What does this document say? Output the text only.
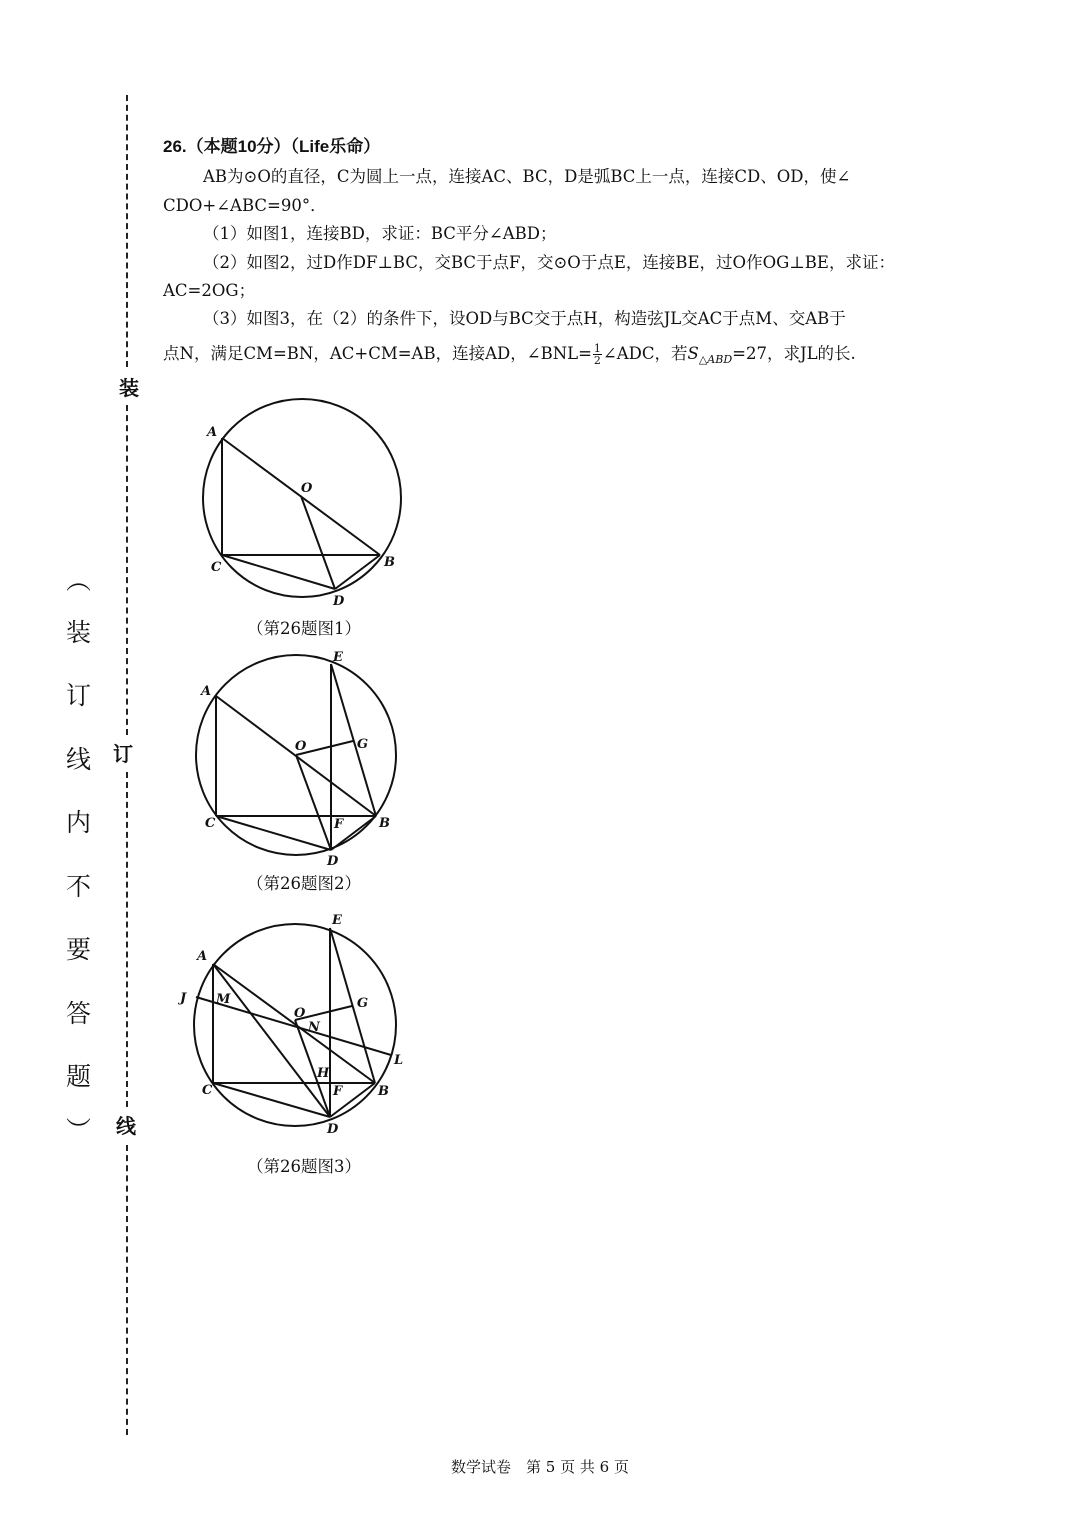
装
订
线
︵
装
订
线
内
不
要
答
题
︶
26.（本题10分）（Life乐命）
AB为⊙O的直径，C为圆上一点，连接AC、BC，D是弧BC上一点，连接CD、OD，使∠
CDO+∠ABC=90°．
（1）如图1，连接BD，求证：BC平分∠ABD；
（2）如图2，过D作DF⊥BC，交BC于点F，交⊙O于点E，连接BE，过O作OG⊥BE，求证：
AC=2OG；
（3）如图3，在（2）的条件下，设OD与BC交于点H，构造弦JL交AC于点M、交AB于
点N，满足CM=BN，AC+CM=AB，连接AD，∠BNL= $\frac{1}{2}$ ∠ADC，若$S_{\triangle ABD}=27$，求JL的长.
A
O
C	B
D
（第26题图1）
E
A
O	G
C	F	B
D
（第26题图2）
E
A
J M
O
N
G
L
H
C	F	B
D
（第26题图3）
数学试卷　第 5 页 共 6 页
